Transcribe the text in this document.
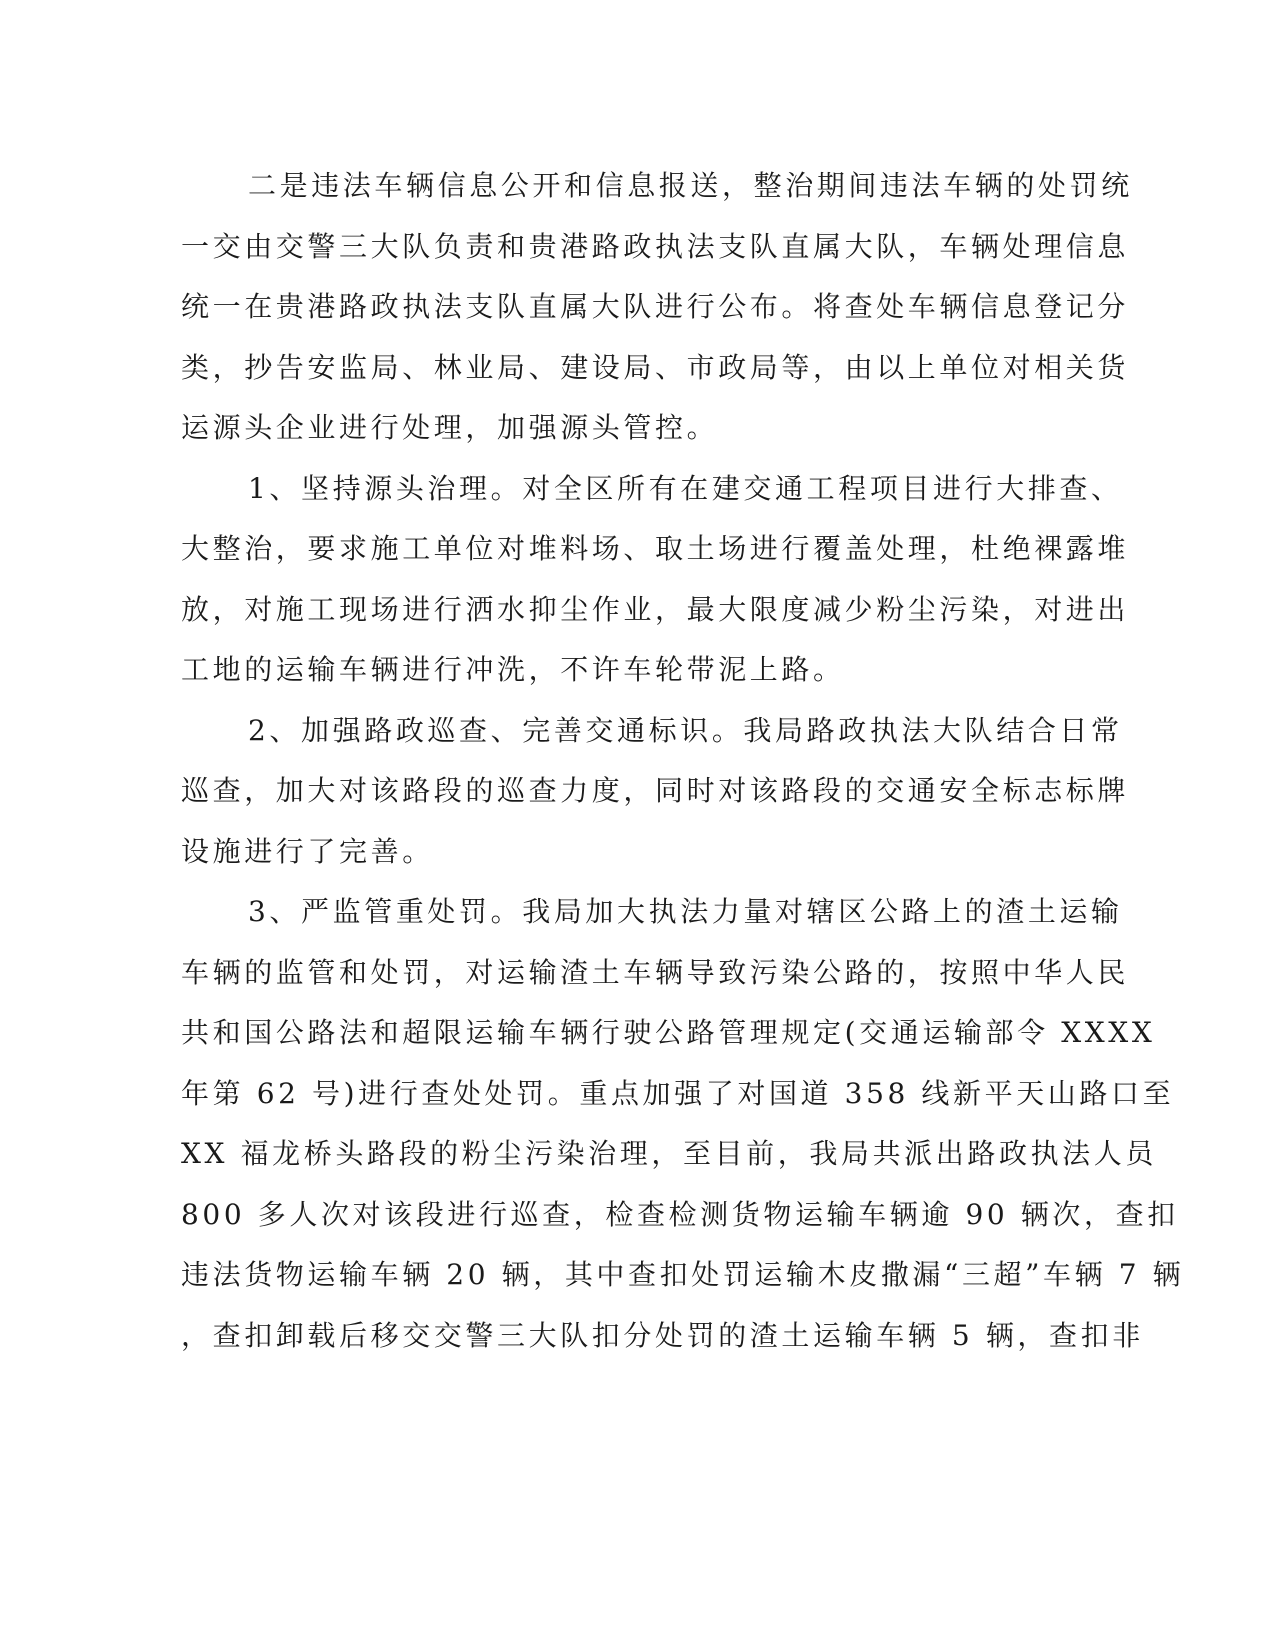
二是违法车辆信息公开和信息报送，整治期间违法车辆的处罚统
一交由交警三大队负责和贵港路政执法支队直属大队，车辆处理信息
统一在贵港路政执法支队直属大队进行公布。将查处车辆信息登记分
类，抄告安监局、林业局、建设局、市政局等，由以上单位对相关货
运源头企业进行处理，加强源头管控。
1、坚持源头治理。对全区所有在建交通工程项目进行大排查、
大整治，要求施工单位对堆料场、取土场进行覆盖处理，杜绝裸露堆
放，对施工现场进行洒水抑尘作业，最大限度减少粉尘污染，对进出
工地的运输车辆进行冲洗，不许车轮带泥上路。
2、加强路政巡查、完善交通标识。我局路政执法大队结合日常
巡查，加大对该路段的巡查力度，同时对该路段的交通安全标志标牌
设施进行了完善。
3、严监管重处罚。我局加大执法力量对辖区公路上的渣土运输
车辆的监管和处罚，对运输渣土车辆导致污染公路的，按照中华人民
共和国公路法和超限运输车辆行驶公路管理规定(交通运输部令 XXXX
年第 62 号)进行查处处罚。重点加强了对国道 358 线新平天山路口至
XX 福龙桥头路段的粉尘污染治理，至目前，我局共派出路政执法人员
800 多人次对该段进行巡查，检查检测货物运输车辆逾 90 辆次，查扣
违法货物运输车辆 20 辆，其中查扣处罚运输木皮撒漏“三超”车辆 7 辆
，查扣卸载后移交交警三大队扣分处罚的渣土运输车辆 5 辆，查扣非
